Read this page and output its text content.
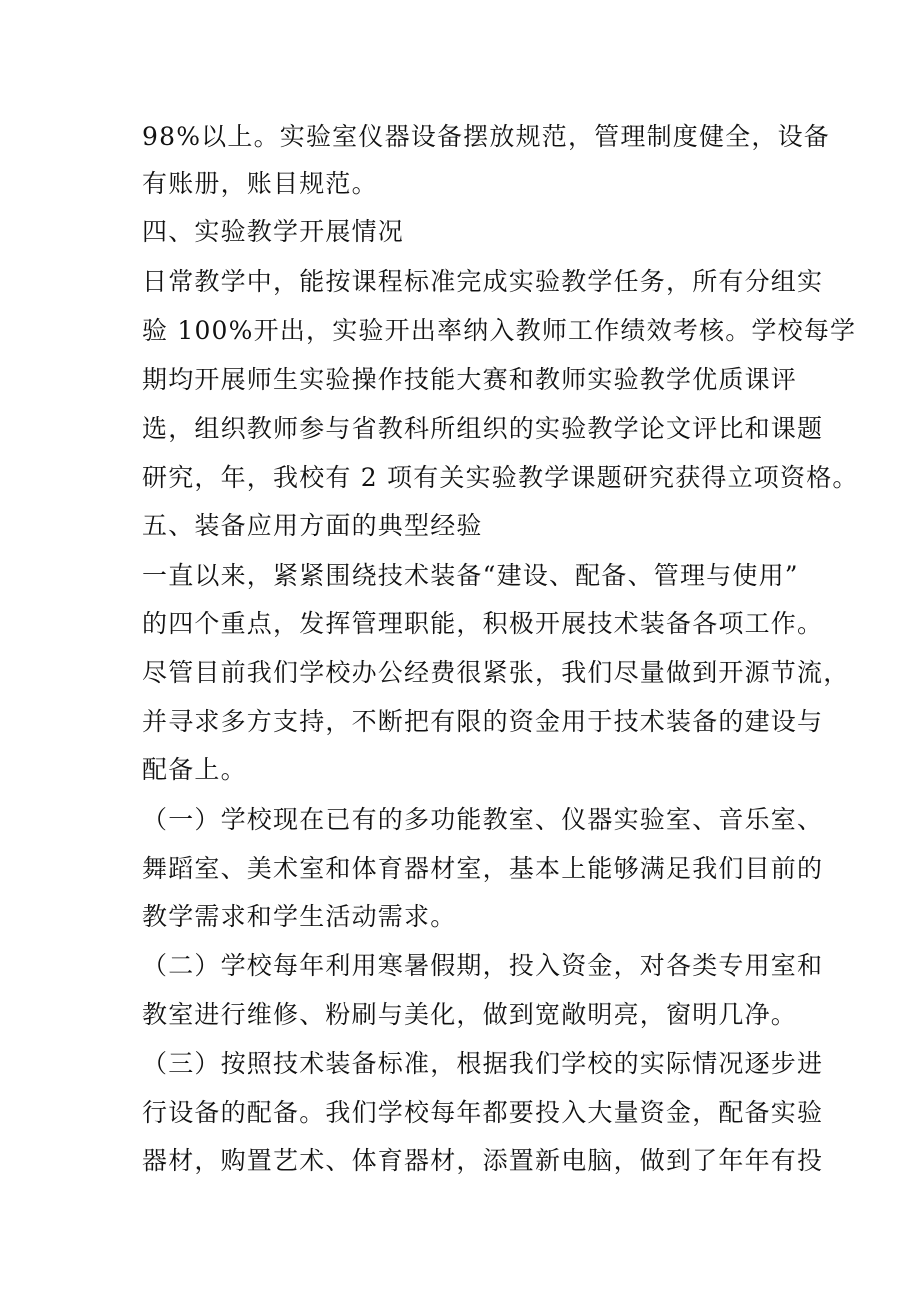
98%以上。实验室仪器设备摆放规范，管理制度健全，设备
有账册，账目规范。
四、实验教学开展情况
日常教学中，能按课程标准完成实验教学任务，所有分组实
验 100%开出，实验开出率纳入教师工作绩效考核。学校每学
期均开展师生实验操作技能大赛和教师实验教学优质课评
选，组织教师参与省教科所组织的实验教学论文评比和课题
研究，年，我校有 2 项有关实验教学课题研究获得立项资格。
五、装备应用方面的典型经验
一直以来，紧紧围绕技术装备“建设、配备、管理与使用”
的四个重点，发挥管理职能，积极开展技术装备各项工作。
尽管目前我们学校办公经费很紧张，我们尽量做到开源节流，
并寻求多方支持，不断把有限的资金用于技术装备的建设与
配备上。
（一）学校现在已有的多功能教室、仪器实验室、音乐室、
舞蹈室、美术室和体育器材室，基本上能够满足我们目前的
教学需求和学生活动需求。
（二）学校每年利用寒暑假期，投入资金，对各类专用室和
教室进行维修、粉刷与美化，做到宽敞明亮，窗明几净。
（三）按照技术装备标准，根据我们学校的实际情况逐步进
行设备的配备。我们学校每年都要投入大量资金，配备实验
器材，购置艺术、体育器材，添置新电脑，做到了年年有投
